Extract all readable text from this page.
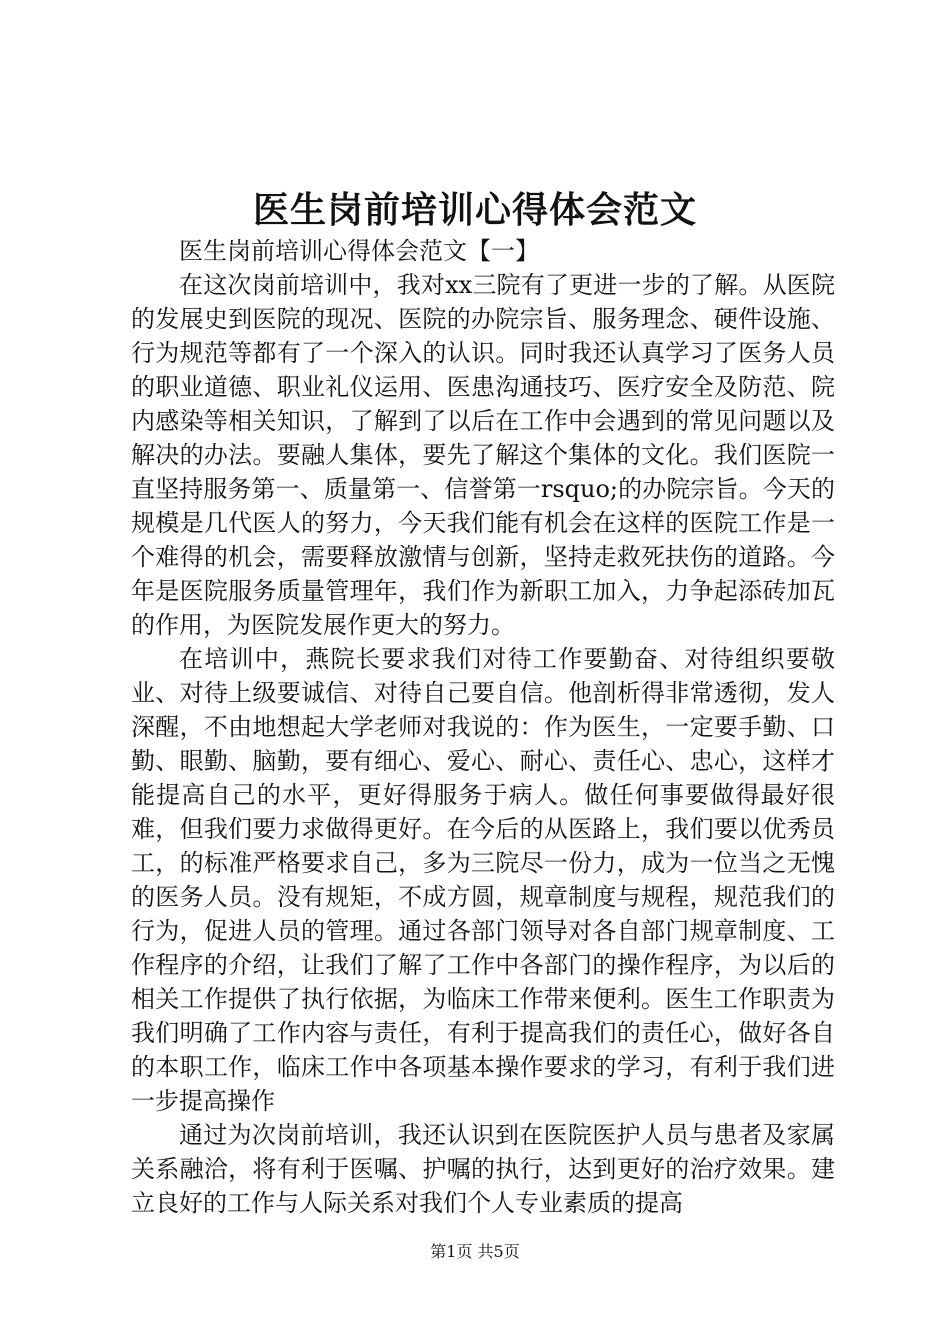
医生岗前培训心得体会范文

医生岗前培训心得体会范文【一】

在这次岗前培训中，我对xx三院有了更进一步的了解。从医院的发展史到医院的现况、医院的办院宗旨、服务理念、硬件设施、行为规范等都有了一个深入的认识。同时我还认真学习了医务人员的职业道德、职业礼仪运用、医患沟通技巧、医疗安全及防范、院内感染等相关知识，了解到了以后在工作中会遇到的常见问题以及解决的办法。要融人集体，要先了解这个集体的文化。我们医院一直坚持服务第一、质量第一、信誉第一rsquo;的办院宗旨。今天的规模是几代医人的努力，今天我们能有机会在这样的医院工作是一个难得的机会，需要释放激情与创新，坚持走救死扶伤的道路。今年是医院服务质量管理年，我们作为新职工加入，力争起添砖加瓦的作用，为医院发展作更大的努力。

在培训中，燕院长要求我们对待工作要勤奋、对待组织要敬业、对待上级要诚信、对待自己要自信。他剖析得非常透彻，发人深醒，不由地想起大学老师对我说的：作为医生，一定要手勤、口勤、眼勤、脑勤，要有细心、爱心、耐心、责任心、忠心，这样才能提高自己的水平，更好得服务于病人。做任何事要做得最好很难，但我们要力求做得更好。在今后的从医路上，我们要以优秀员工，的标准严格要求自己，多为三院尽一份力，成为一位当之无愧的医务人员。没有规矩，不成方圆，规章制度与规程，规范我们的行为，促进人员的管理。通过各部门领导对各自部门规章制度、工作程序的介绍，让我们了解了工作中各部门的操作程序，为以后的相关工作提供了执行依据，为临床工作带来便利。医生工作职责为我们明确了工作内容与责任，有利于提高我们的责任心，做好各自的本职工作，临床工作中各项基本操作要求的学习，有利于我们进一步提高操作

通过为次岗前培训，我还认识到在医院医护人员与患者及家属关系融洽，将有利于医嘱、护嘱的执行，达到更好的治疗效果。建立良好的工作与人际关系对我们个人专业素质的提高

第1页 共5页
